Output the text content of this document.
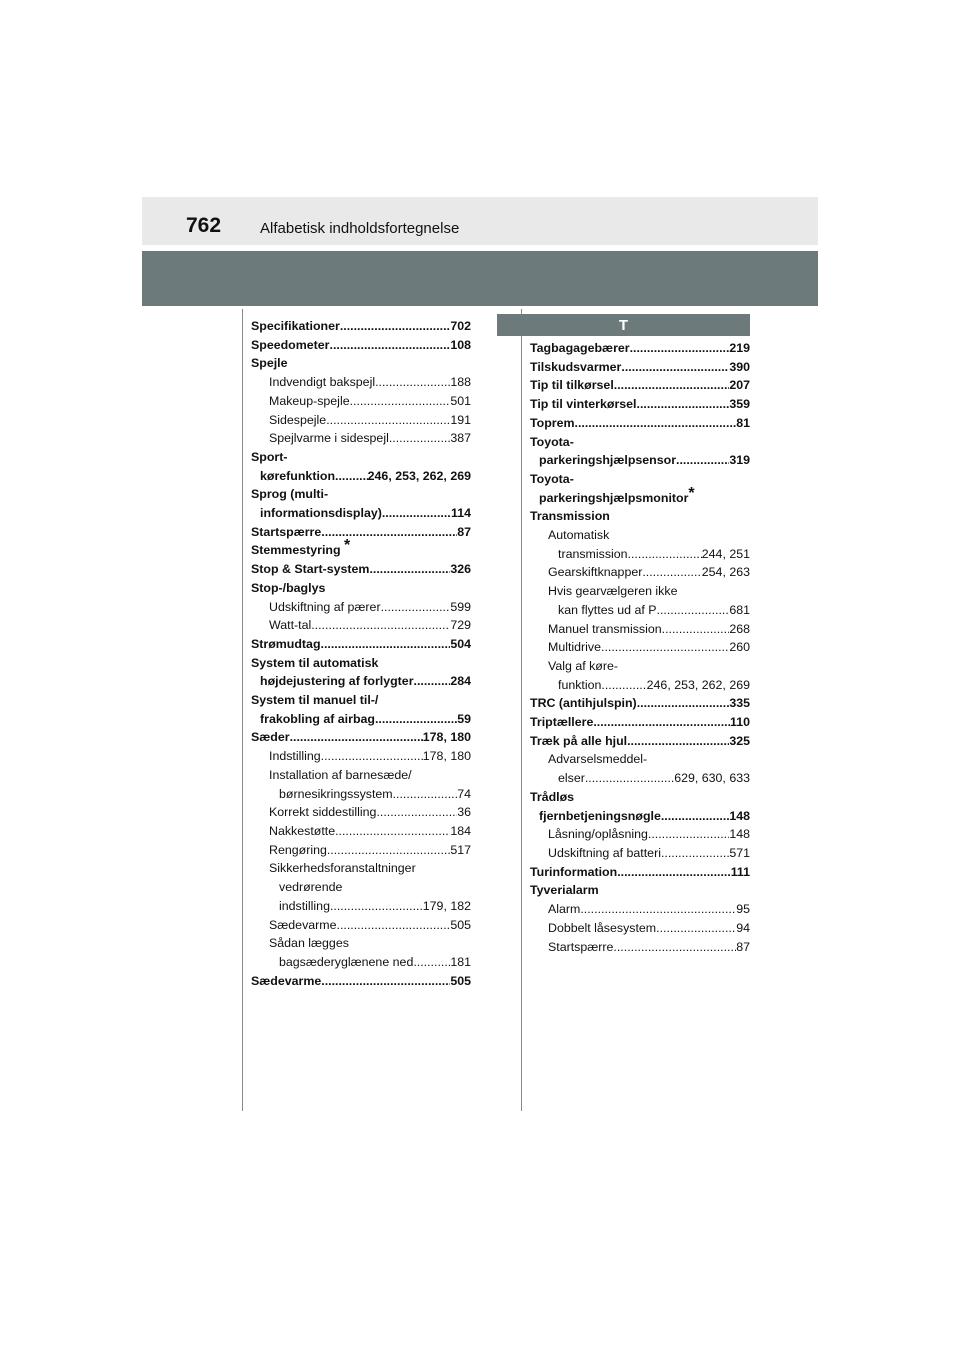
762	Alfabetisk indholdsfortegnelse
T
Specifikationer .....	702
Speedometer .....	108
Spejle
Indvendigt bakspejl .....	188
Makeup-spejle .....	501
Sidespejle .....	191
Spejlvarme i sidespejl .....	387
Sport-
kørefunktion .....	246, 253, 262, 269
Sprog (multi-
informationsdisplay) .....	114
Startspærre .....	87
Stemmestyring *
Stop & Start-system .....	326
Stop-/baglys
Udskiftning af pærer .....	599
Watt-tal .....	729
Strømudtag .....	504
System til automatisk
højdejustering af forlygter .....	284
System til manuel til-/
frakobling af airbag .....	59
Sæder .....	178, 180
Indstilling .....	178, 180
Installation af barnesæde/
børnesikringssystem .....	74
Korrekt siddestilling .....	36
Nakkestøtte .....	184
Rengøring .....	517
Sikkerhedsforanstaltninger
vedrørende
indstilling .....	179, 182
Sædevarme .....	505
Sådan lægges
bagsæderyglænene ned .....	181
Sædevarme .....	505
Tagbagagebærer .....	219
Tilskudsvarmer .....	390
Tip til tilkørsel .....	207
Tip til vinterkørsel .....	359
Toprem .....	81
Toyota-
parkeringshjælpsensor .....	319
Toyota-
parkeringshjælpsmonitor*
Transmission
Automatisk
transmission .....	244, 251
Gearskiftknapper .....	254, 263
Hvis gearvælgeren ikke
kan flyttes ud af P .....	681
Manuel transmission .....	268
Multidrive .....	260
Valg af køre-
funktion .....	246, 253, 262, 269
TRC (antihjulspin) .....	335
Triptællere .....	110
Træk på alle hjul .....	325
Advarselsmeddel-
elser .....	629, 630, 633
Trådløs
fjernbetjeningsnøgle .....	148
Låsning/oplåsning .....	148
Udskiftning af batteri .....	571
Turinformation .....	111
Tyverialarm
Alarm .....	95
Dobbelt låsesystem .....	94
Startspærre .....	87
